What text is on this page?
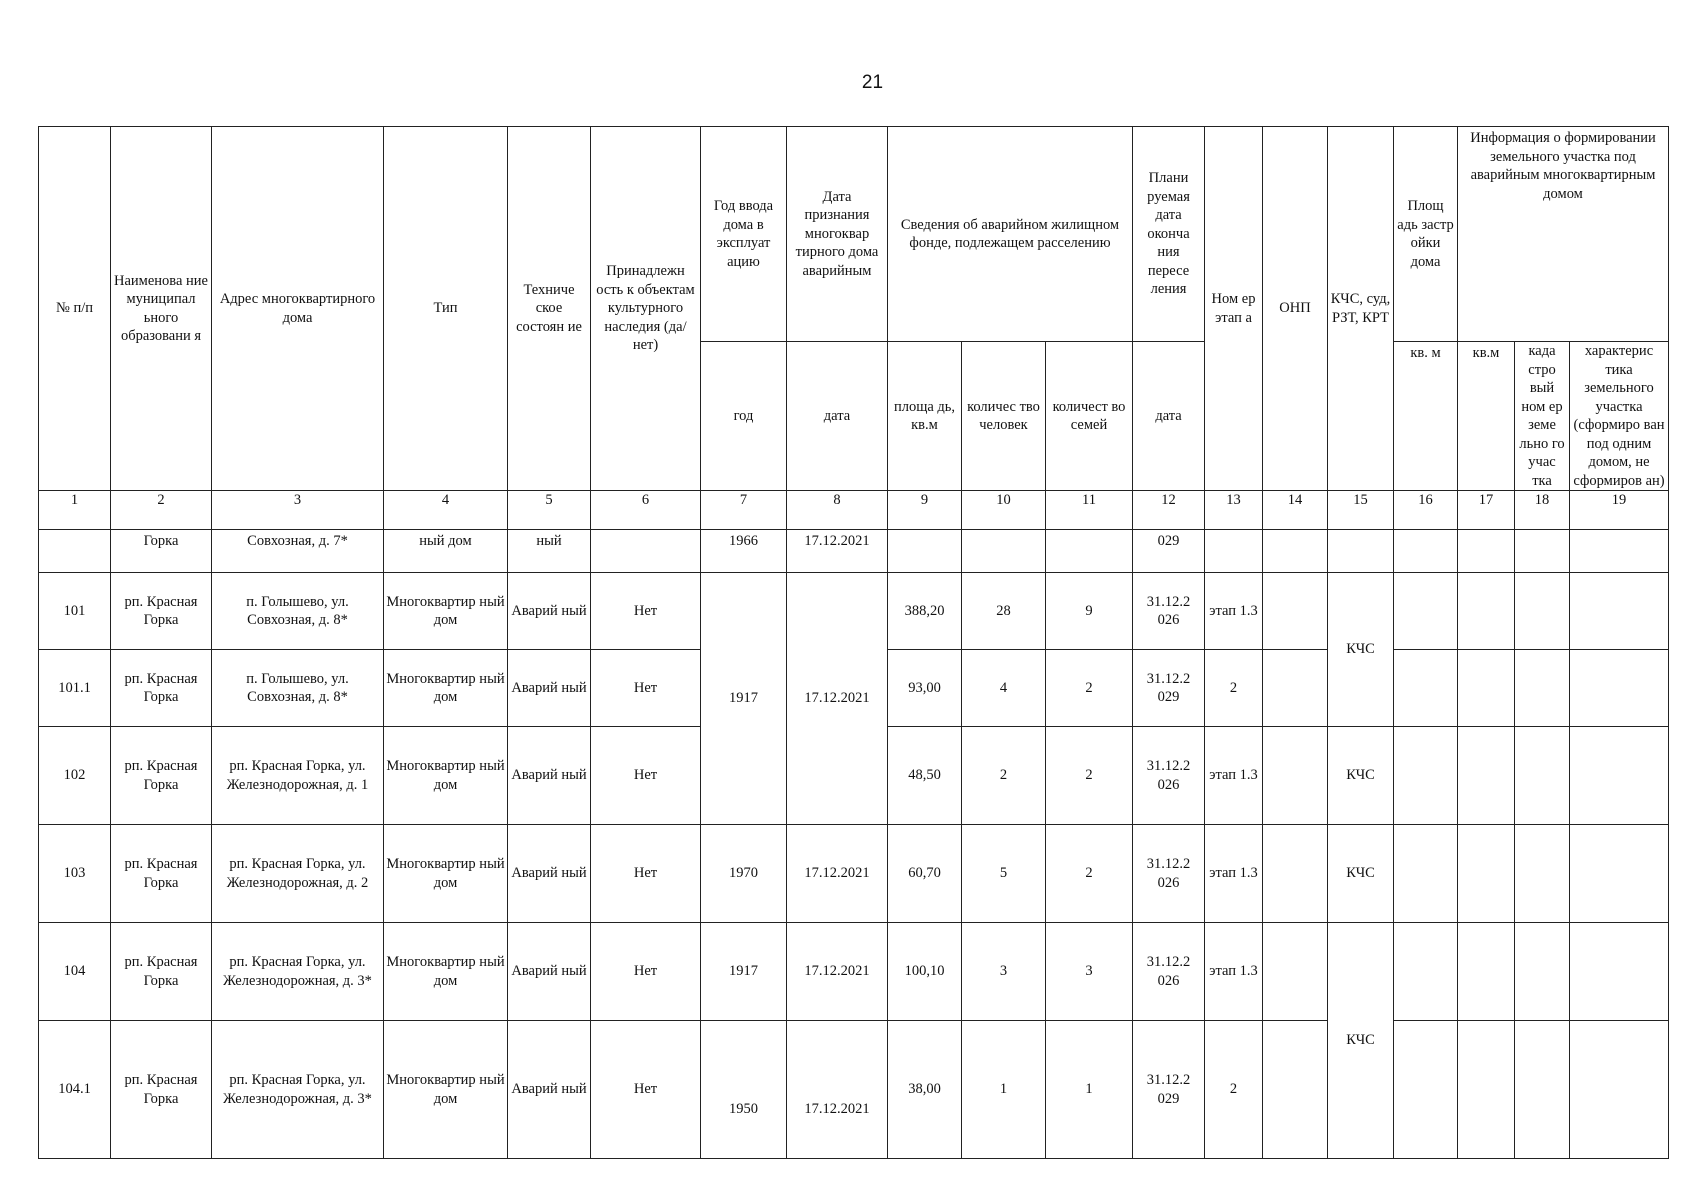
21
№ п/п	Наименова ние муниципал ьного образовани я	Адрес многоквартирного дома	Тип	Техниче ское состоян ие	Принадлежн ость к объектам культурного наследия (да/нет)	Год ввода дома в эксплуат ацию	Дата признания многоквар тирного дома аварийным	Сведения об аварийном жилищном фонде, подлежащем расселению			Плани руемая дата оконча ния пересе ления	Ном ер этап а	ОНП	КЧС, суд, РЗТ, КРТ	Площ адь застр ойки дома	Информация о формировании земельного участка под аварийным многоквартирным домом		
						год	дата	площа дь, кв.м	количес тво человек	количест во семей	дата				кв. м	кв.м	када стро вый ном ер земе льно го учас тка	характерис тика земельного участка (сформиро ван под одним домом, не сформиров ан)
1	2	3	4	5	6	7	8	9	10	11	12	13	14	15	16	17	18	19
	Горка	Совхозная, д. 7*	ный дом	ный		1966	17.12.2021				029							
101	рп. Красная Горка	п. Голышево, ул. Совхозная, д. 8*	Многоквартир ный дом	Аварий ный	Нет	1917	17.12.2021	388,20	28	9	31.12.2 026	этап 1.3		КЧС				
101.1	рп. Красная Горка	п. Голышево, ул. Совхозная, д. 8*	Многоквартир ный дом	Аварий ный	Нет			93,00	4	2	31.12.2 029	2						
102	рп. Красная Горка	рп. Красная Горка, ул. Железнодорожная, д. 1	Многоквартир ный дом	Аварий ный	Нет			48,50	2	2	31.12.2 026	этап 1.3		КЧС				
103	рп. Красная Горка	рп. Красная Горка, ул. Железнодорожная, д. 2	Многоквартир ный дом	Аварий ный	Нет	1970	17.12.2021	60,70	5	2	31.12.2 026	этап 1.3		КЧС				
104	рп. Красная Горка	рп. Красная Горка, ул. Железнодорожная, д. 3*	Многоквартир ный дом	Аварий ный	Нет	1917	17.12.2021	100,10	3	3	31.12.2 026	этап 1.3		КЧС				
104.1	рп. Красная Горка	рп. Красная Горка, ул. Железнодорожная, д. 3*	Многоквартир ный дом	Аварий ный	Нет	1950	17.12.2021	38,00	1	1	31.12.2 029	2						
